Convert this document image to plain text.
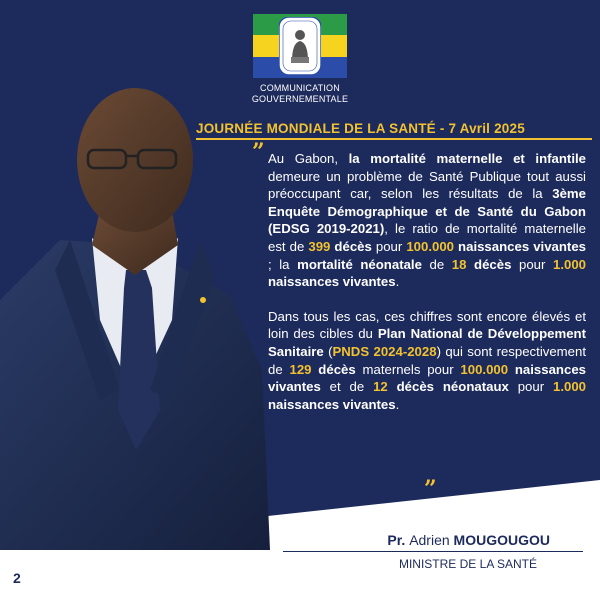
COMMUNICATION
GOUVERNEMENTALE
JOURNÉE MONDIALE DE LA SANTÉ - 7 Avril 2025
” Au Gabon, la mortalité maternelle et infantile demeure un problème de Santé Publique tout aussi préoccupant car, selon les résultats de la 3ème Enquête Démographique et de Santé du Gabon (EDSG 2019-2021), le ratio de mortalité maternelle est de 399 décès pour 100.000 naissances vivantes ; la mortalité néonatale de 18 décès pour 1.000 naissances vivantes.

Dans tous les cas, ces chiffres sont encore élevés et loin des cibles du Plan National de Développement Sanitaire (PNDS 2024-2028) qui sont respectivement de 129 décès maternels pour 100.000 naissances vivantes et de 12 décès néonataux pour 1.000 naissances vivantes.

”
Pr. Adrien MOUGOUGOU
MINISTRE DE LA SANTÉ
2
